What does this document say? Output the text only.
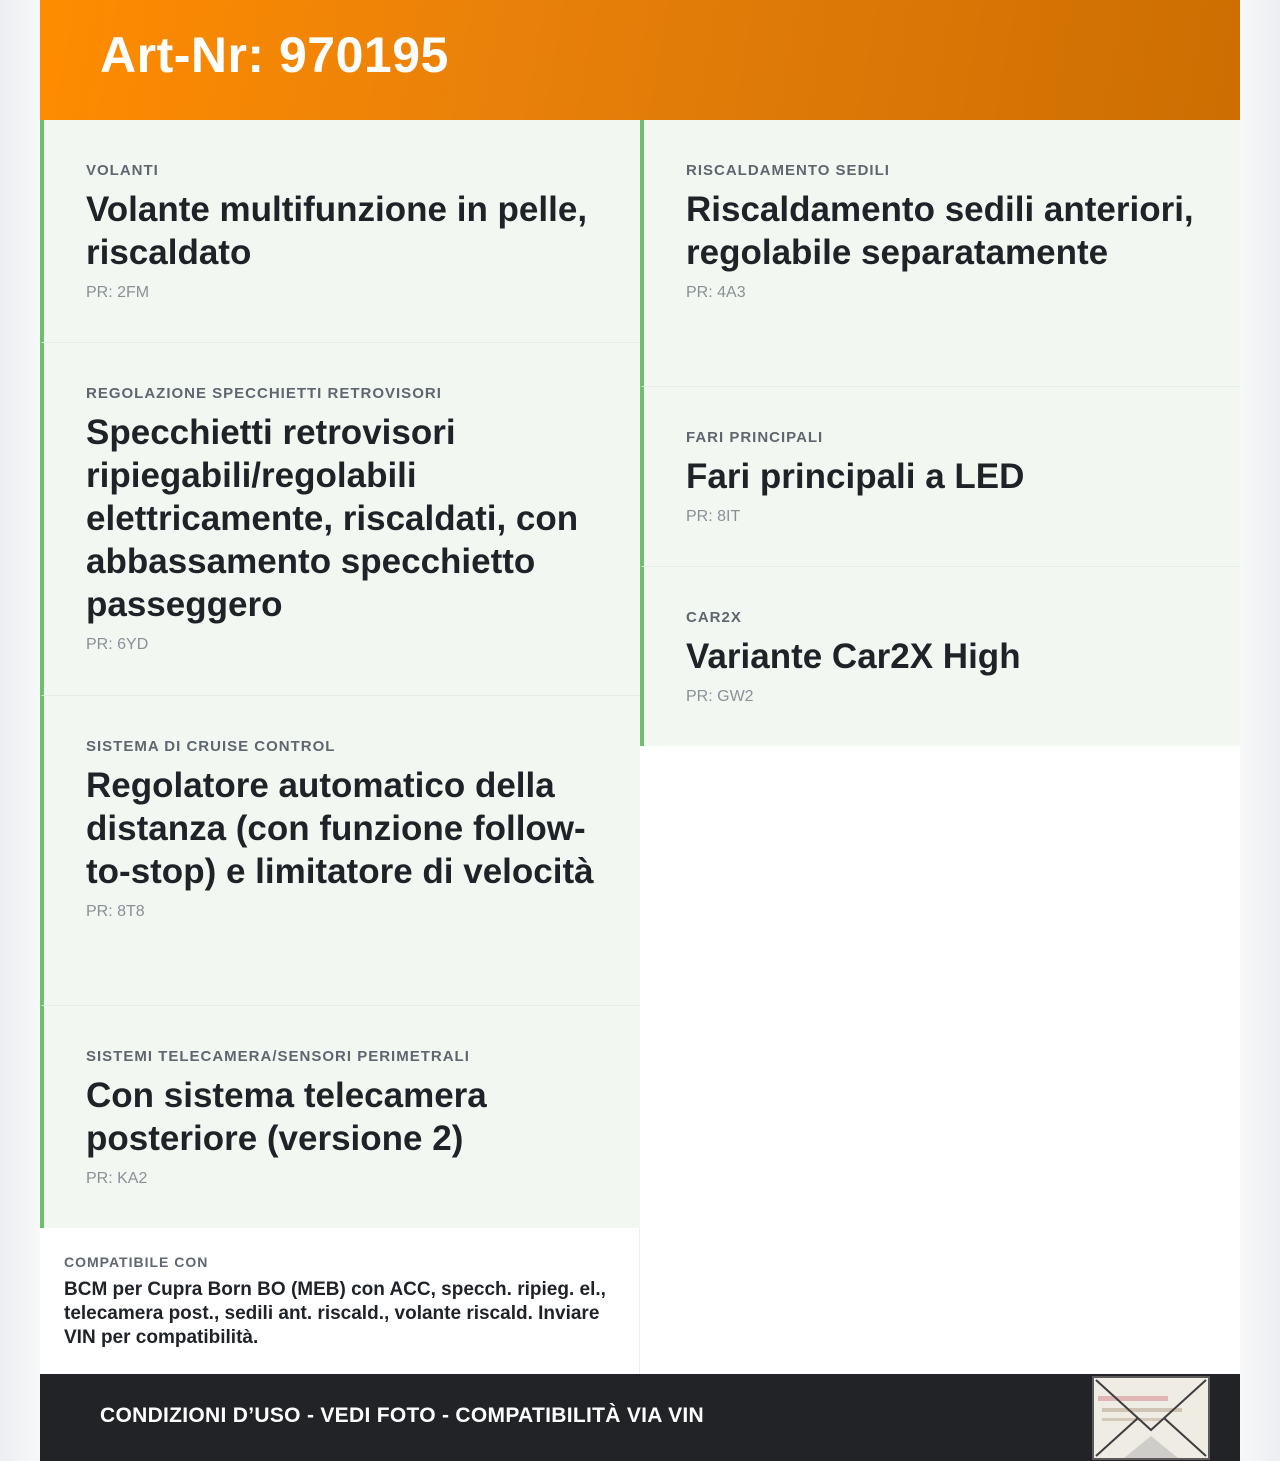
Art-Nr: 970195
VOLANTI
Volante multifunzione in pelle, riscaldato
PR: 2FM
REGOLAZIONE SPECCHIETTI RETROVISORI
Specchietti retrovisori ripiegabili/regolabili elettricamente, riscaldati, con abbassamento specchietto passeggero
PR: 6YD
SISTEMA DI CRUISE CONTROL
Regolatore automatico della distanza (con funzione follow-to-stop) e limitatore di velocità
PR: 8T8
SISTEMI TELECAMERA/SENSORI PERIMETRALI
Con sistema telecamera posteriore (versione 2)
PR: KA2
RISCALDAMENTO SEDILI
Riscaldamento sedili anteriori, regolabile separatamente
PR: 4A3
FARI PRINCIPALI
Fari principali a LED
PR: 8IT
CAR2X
Variante Car2X High
PR: GW2
COMPATIBILE CON
BCM per Cupra Born BO (MEB) con ACC, specch. ripieg. el., telecamera post., sedili ant. riscald., volante riscald. Inviare VIN per compatibilità.
CONDIZIONI D’USO - VEDI FOTO - COMPATIBILITÀ VIA VIN
